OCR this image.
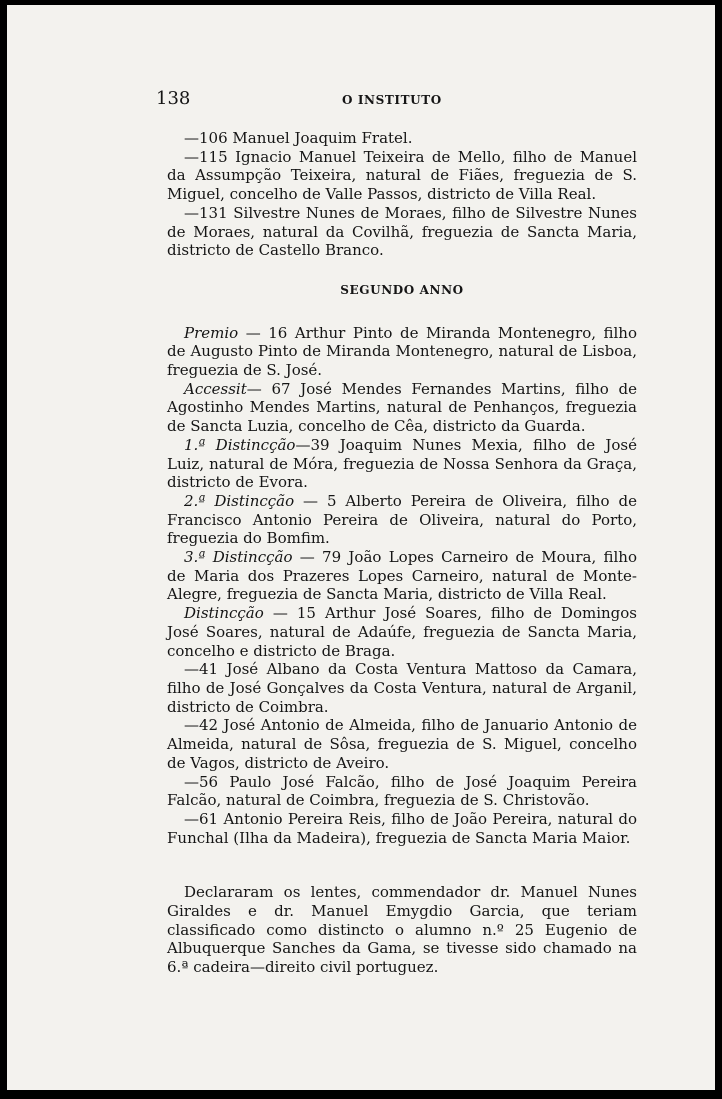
138	O INSTITUTO

—106 Manuel Joaquim Fratel.

—115 Ignacio Manuel Teixeira de Mello, filho de Manuel da Assumpção Teixeira, natural de Fiães, freguezia de S. Miguel, concelho de Valle Passos, districto de Villa Real.

—131 Silvestre Nunes de Moraes, filho de Silvestre Nunes de Moraes, natural da Covilhã, freguezia de Sancta Maria, districto de Castello Branco.

SEGUNDO ANNO

Premio — 16 Arthur Pinto de Miranda Montenegro, filho de Augusto Pinto de Miranda Montenegro, natural de Lisboa, freguezia de S. José.

Accessit— 67 José Mendes Fernandes Martins, filho de Agostinho Mendes Martins, natural de Penhanços, freguezia de Sancta Luzia, concelho de Cêa, districto da Guarda.

1.ª Distincção—39 Joaquim Nunes Mexia, filho de José Luiz, natural de Móra, freguezia de Nossa Senhora da Graça, districto de Evora.

2.ª Distincção — 5 Alberto Pereira de Oliveira, filho de Francisco Antonio Pereira de Oliveira, natural do Porto, freguezia do Bomfim.

3.ª Distincção — 79 João Lopes Carneiro de Moura, filho de Maria dos Prazeres Lopes Carneiro, natural de Monte-Alegre, freguezia de Sancta Maria, districto de Villa Real.

Distincção — 15 Arthur José Soares, filho de Domingos José Soares, natural de Adaúfe, freguezia de Sancta Maria, concelho e districto de Braga.

—41 José Albano da Costa Ventura Mattoso da Camara, filho de José Gonçalves da Costa Ventura, natural de Arganil, districto de Coimbra.

—42 José Antonio de Almeida, filho de Januario Antonio de Almeida, natural de Sôsa, freguezia de S. Miguel, concelho de Vagos, districto de Aveiro.

—56 Paulo José Falcão, filho de José Joaquim Pereira Falcão, natural de Coimbra, freguezia de S. Christovão.

—61 Antonio Pereira Reis, filho de João Pereira, natural do Funchal (Ilha da Madeira), freguezia de Sancta Maria Maior.

Declararam os lentes, commendador dr. Manuel Nunes Giraldes e dr. Manuel Emygdio Garcia, que teriam classificado como distincto o alumno n.º 25 Eugenio de Albuquerque Sanches da Gama, se tivesse sido chamado na 6.ª cadeira—direito civil portuguez.
